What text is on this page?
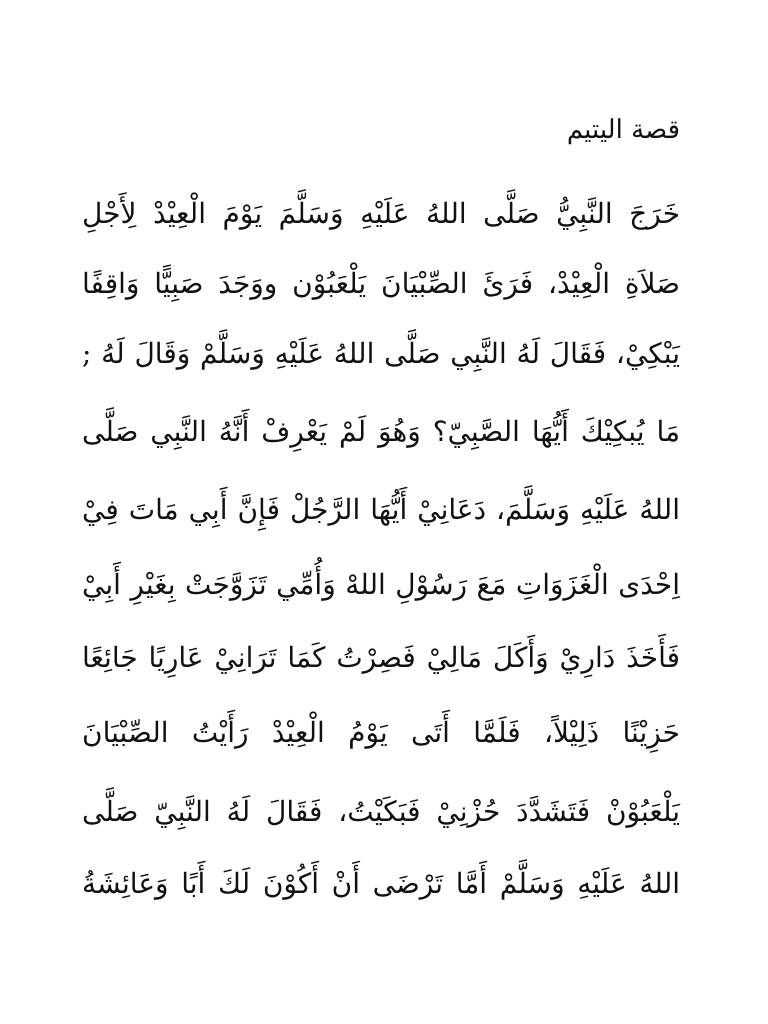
قصة اليتيم
خَرَجَ النَّبِيُّ صَلَّى اللهُ عَلَيْهِ وَسَلَّمَ يَوْمَ الْعِيْدْ لِأَجْلِ
صَلاَةِ الْعِيْدْ، فَرَئَ الصِّبْيَانَ يَلْعَبُوْن ووَجَدَ صَبِيًّا وَاقِفًا
يَبْكِيْ، فَقَالَ لَهُ النَّبِي صَلَّى اللهُ عَلَيْهِ وَسَلَّمْ وَقَالَ لَهُ ;
مَا يُبكِيْكَ أَيُّهَا الصَّبِيّ؟ وَهُوَ لَمْ يَعْرِفْ أَنَّهُ النَّبِي صَلَّى
اللهُ عَلَيْهِ وَسَلَّمَ، دَعَانِيْ أَيُّهَا الرَّجُلْ فَإِنَّ أَبِي مَاتَ فِيْ
اِحْدَى الْغَزَوَاتِ مَعَ رَسُوْلِ اللهْ وَأُمِّي تَزَوَّجَتْ بِغَيْرِ أَبِيْ
فَأَخَذَ دَارِيْ وَأَكَلَ مَالِيْ فَصِرْتُ كَمَا تَرَانِيْ عَارِيًا جَائِعًا
حَزِيْنًا ذَلِيْلاً، فَلَمَّا أَتَى يَوْمُ الْعِيْدْ رَأَيْتُ الصِّبْيَانَ
يَلْعَبُوْنْ فَتَشَدَّدَ حُزْنِيْ فَبَكَيْتُ، فَقَالَ لَهُ النَّبِيّ صَلَّى
اللهُ عَلَيْهِ وَسَلَّمْ أَمَّا تَرْضَى أَنْ أَكُوْنَ لَكَ أَبًا وَعَائِشَةُ
